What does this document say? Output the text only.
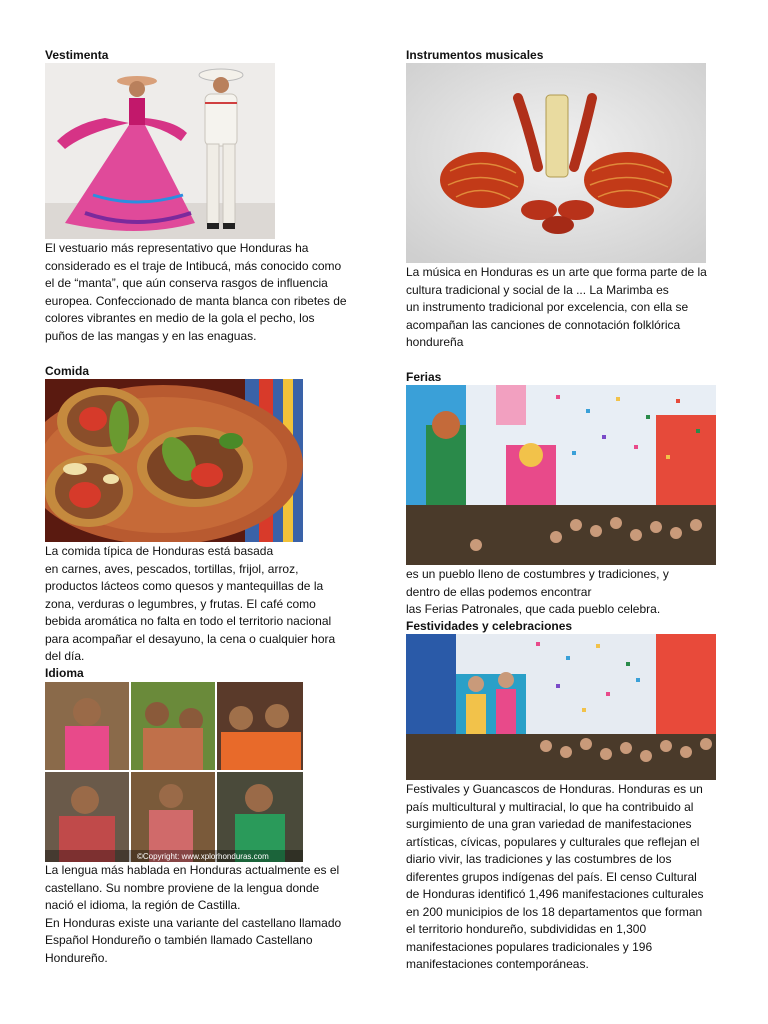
Vestimenta	Instrumentos musicales
Comida	Ferias
Idioma
Festividades y celebraciones
©Copyright: www.xplorhonduras.com
El vestuario más representativo que Honduras ha
considerado es el traje de Intibucá, más conocido como
el de “manta”, que aún conserva rasgos de influencia
europea. Confeccionado de manta blanca con ribetes de
colores vibrantes en medio de la gola el pecho, los
puños de las mangas y en las enaguas.
La música en Honduras es un arte que forma parte de la
cultura tradicional y social de la ... La Marimba es
un instrumento tradicional por excelencia, con ella se
acompañan las canciones de connotación folklórica
hondureña
La comida típica de Honduras está basada
en carnes, aves, pescados, tortillas, frijol, arroz,
productos lácteos como quesos y mantequillas de la
zona, verduras o legumbres, y frutas. El café como
bebida aromática no falta en todo el territorio nacional
para acompañar el desayuno, la cena o cualquier hora
del día.
es un pueblo lleno de costumbres y tradiciones, y
dentro de ellas podemos encontrar
las Ferias Patronales, que cada pueblo celebra.
La lengua más hablada en Honduras actualmente es el
castellano. Su nombre proviene de la lengua donde
nació el idioma, la región de Castilla.
En Honduras existe una variante del castellano llamado
Español Hondureño o también llamado Castellano
Hondureño.
Festivales y Guancascos de Honduras. Honduras es un
país multicultural y multiracial, lo que ha contribuido al
surgimiento de una gran variedad de manifestaciones
artísticas, cívicas, populares y culturales que reflejan el
diario vivir, las tradiciones y las costumbres de los
diferentes grupos indígenas del país. El censo Cultural
de Honduras identificó 1,496 manifestaciones culturales
en 200 municipios de los 18 departamentos que forman
el territorio hondureño, subdivididas en 1,300
manifestaciones populares tradicionales y 196
manifestaciones contemporáneas.
